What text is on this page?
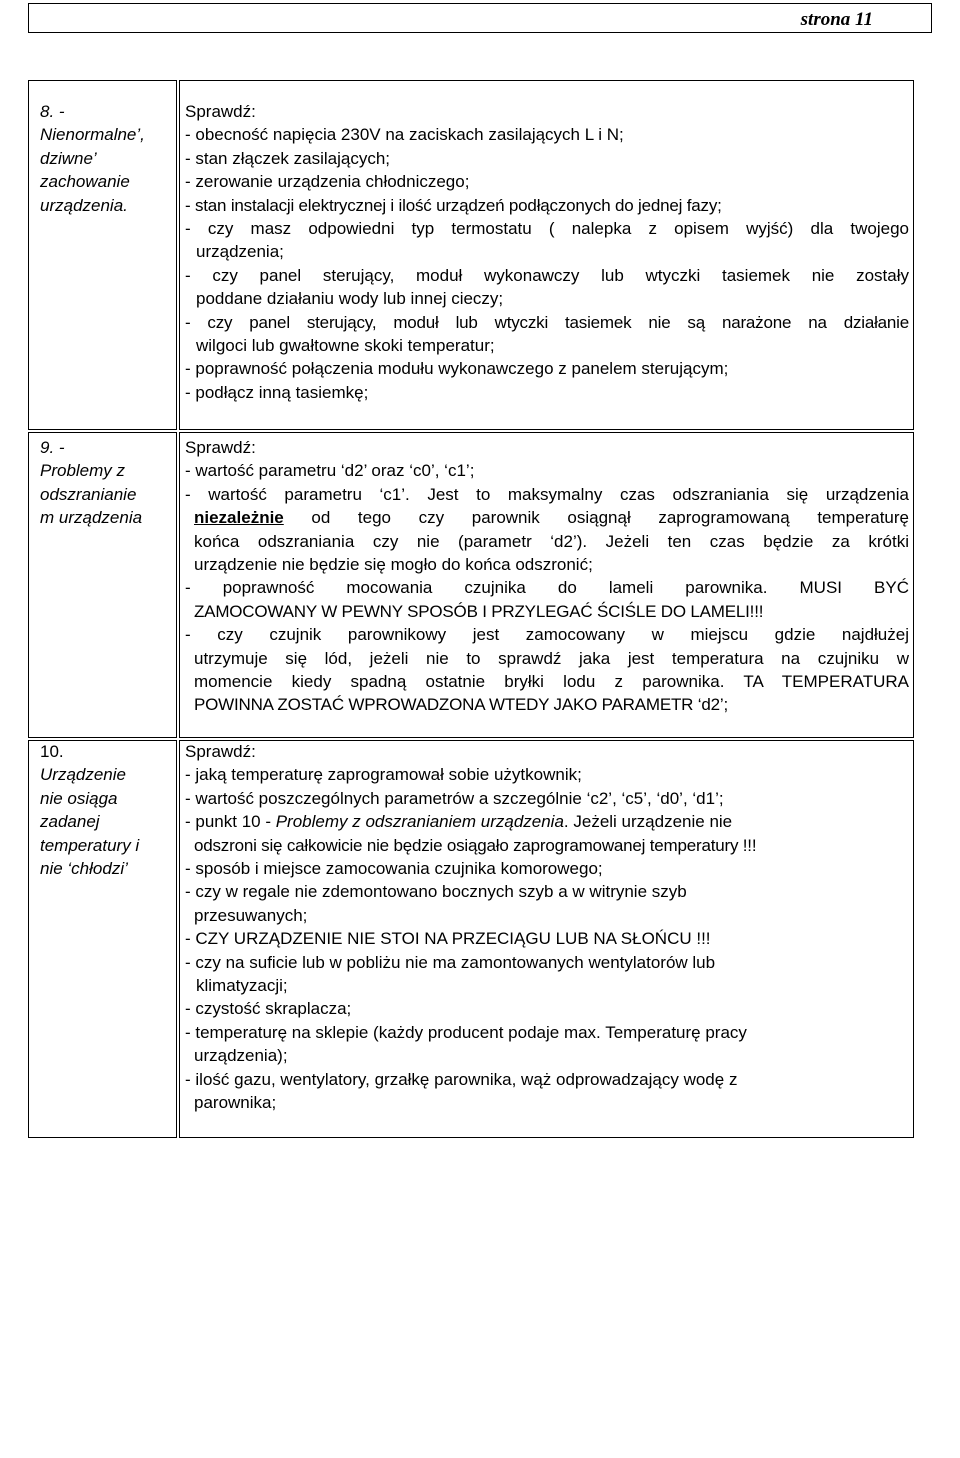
strona 11
8. -
Nienormalne’,
dziwne’
zachowanie
urządzenia.
Sprawdź:
- obecność napięcia 230V na zaciskach zasilających L i N;
- stan złączek zasilających;
- zerowanie urządzenia chłodniczego;
- stan instalacji elektrycznej i ilość urządzeń podłączonych do jednej fazy;
- czy masz odpowiedni typ termostatu ( nalepka z opisem wyjść) dla twojego
urządzenia;
- czy panel sterujący, moduł wykonawczy lub wtyczki tasiemek nie zostały
poddane działaniu wody lub innej cieczy;
- czy panel sterujący, moduł lub wtyczki tasiemek nie są narażone na działanie
wilgoci lub gwałtowne skoki temperatur;
- poprawność połączenia modułu wykonawczego z panelem sterującym;
- podłącz inną tasiemkę;
9. -
Problemy z
odszranianie
m urządzenia
Sprawdź:
- wartość parametru ‘d2’ oraz ‘c0’, ‘c1’;
- wartość parametru ‘c1’. Jest to maksymalny czas odszraniania się urządzenia
niezależnie od tego czy parownik osiągnął zaprogramowaną temperaturę
końca odszraniania czy nie (parametr ‘d2’). Jeżeli ten czas będzie za krótki
urządzenie nie będzie się mogło do końca odszronić;
- poprawność mocowania czujnika do lameli parownika. MUSI BYĆ
ZAMOCOWANY W PEWNY SPOSÓB I PRZYLEGAĆ ŚCIŚLE DO LAMELI!!!
- czy czujnik parownikowy jest zamocowany w miejscu gdzie najdłużej
utrzymuje się lód, jeżeli nie to sprawdź jaka jest temperatura na czujniku w
momencie kiedy spadną ostatnie bryłki lodu z parownika. TA TEMPERATURA
POWINNA ZOSTAĆ WPROWADZONA WTEDY JAKO PARAMETR ‘d2’;
10.
Urządzenie
nie osiąga
zadanej
temperatury i
nie ‘chłodzi’
Sprawdź:
- jaką temperaturę zaprogramował sobie użytkownik;
- wartość poszczególnych parametrów a szczególnie ‘c2’, ‘c5’, ‘d0’, ‘d1’;
- punkt 10 - Problemy z odszranianiem urządzenia. Jeżeli urządzenie nie
odszroni się całkowicie nie będzie osiągało zaprogramowanej temperatury !!!
- sposób i miejsce zamocowania czujnika komorowego;
- czy w regale nie zdemontowano bocznych szyb a w witrynie szyb
przesuwanych;
- CZY URZĄDZENIE NIE STOI NA PRZECIĄGU LUB NA SŁOŃCU !!!
- czy na suficie lub w pobliżu nie ma zamontowanych wentylatorów lub
klimatyzacji;
- czystość skraplacza;
- temperaturę na sklepie (każdy producent podaje max. Temperaturę pracy
urządzenia);
- ilość gazu, wentylatory, grzałkę parownika, wąż odprowadzający wodę z
parownika;
